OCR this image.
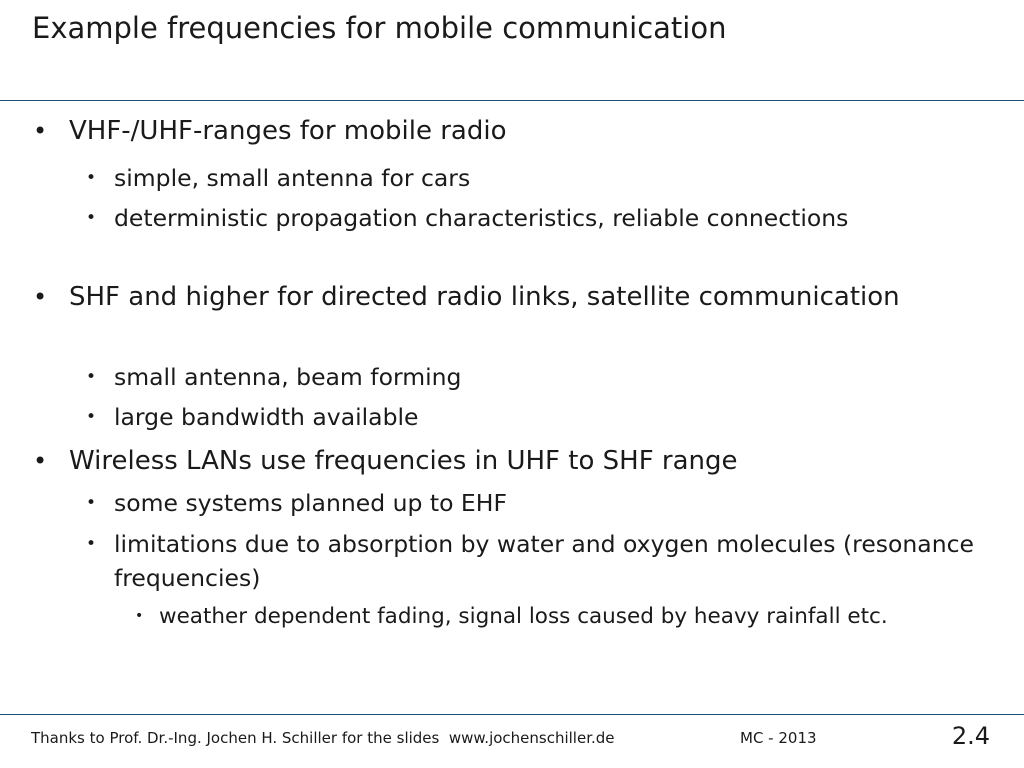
Example frequencies for mobile communication
• VHF-/UHF-ranges for mobile radio
• simple, small antenna for cars
• deterministic propagation characteristics, reliable connections
• SHF and higher for directed radio links, satellite communication
• small antenna, beam forming
• large bandwidth available
• Wireless LANs use frequencies in UHF to SHF range
• some systems planned up to EHF
• limitations due to absorption by water and oxygen molecules (resonance frequencies)
• weather dependent fading, signal loss caused by heavy rainfall etc.
Thanks to Prof. Dr.-Ing. Jochen H. Schiller for the slides  www.jochenschiller.de	MC - 2013	2.4
